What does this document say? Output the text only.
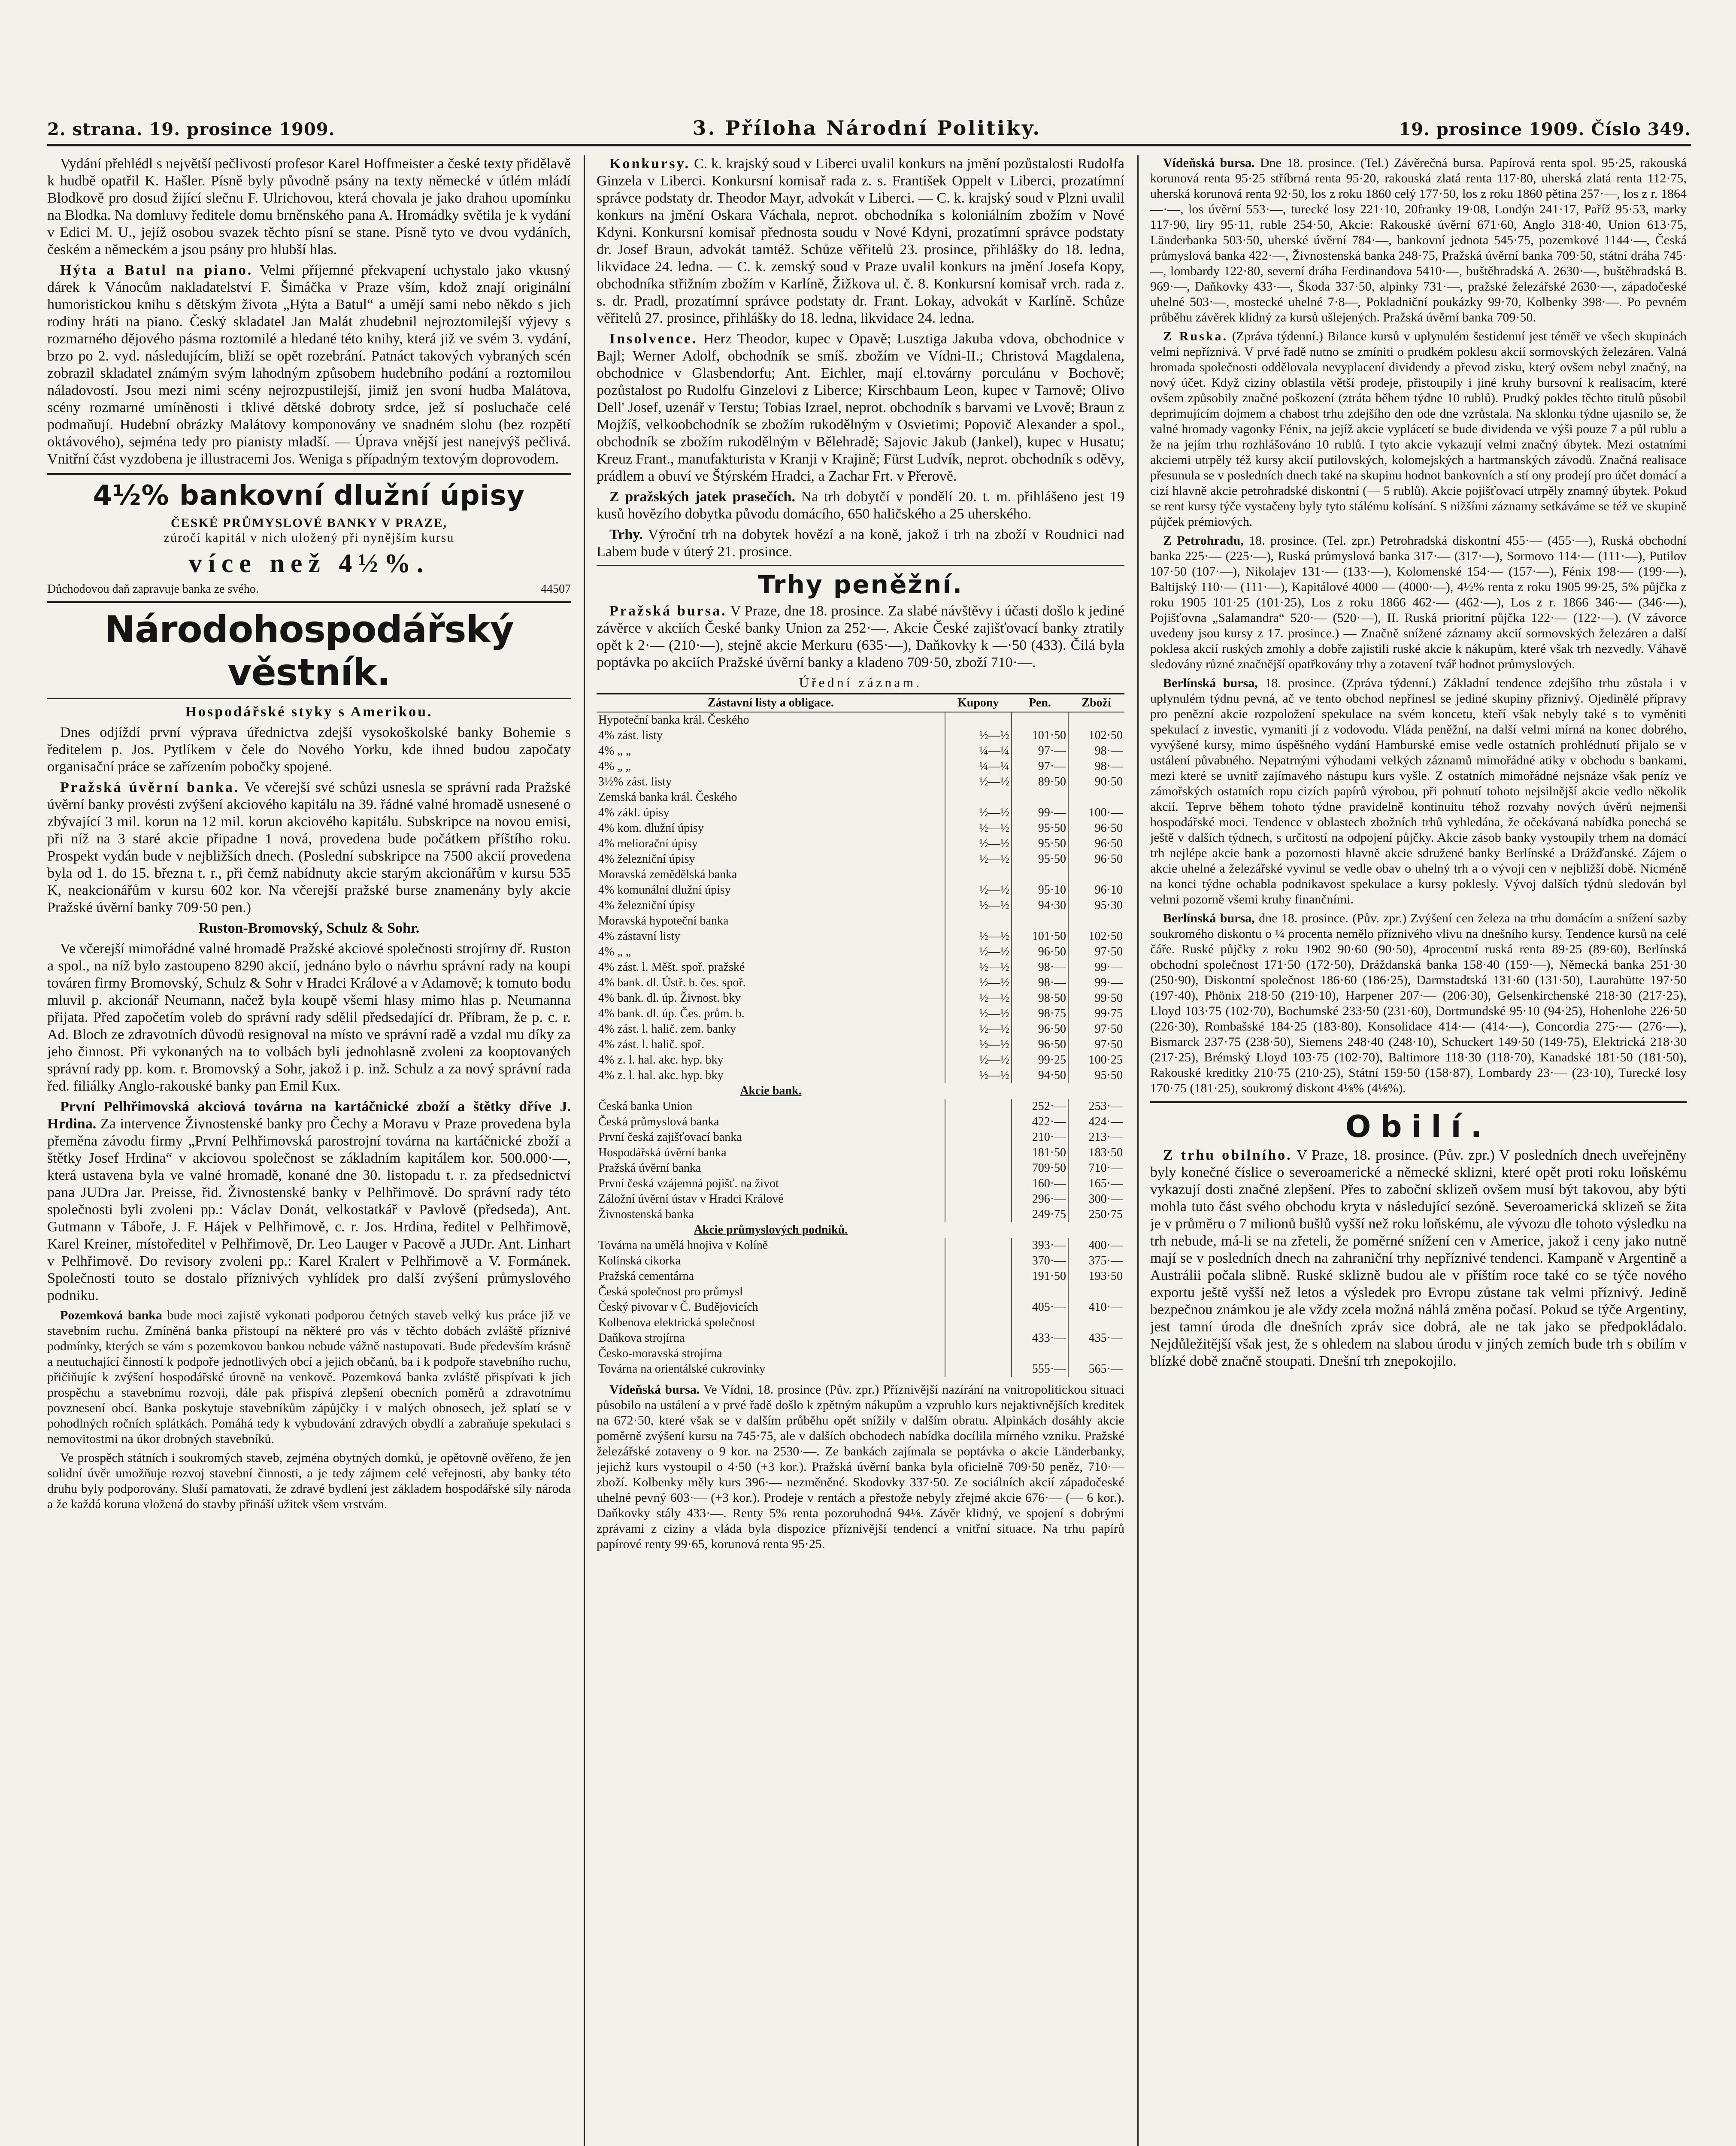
2. strana. 19. prosince 1909.	3. Příloha Národní Politiky.	19. prosince 1909. Číslo 349.

Vydání přehlédl s největší pečlivostí profesor Karel Hoffmeister a české texty přidělavě k hudbě opatřil K. Hašler. Písně byly původně psány na texty německé v útlém mládí Blodkově pro dosud žijící slečnu F. Ulrichovou, která chovala je jako drahou upomínku na Blodka. Na domluvy ředitele domu brněnského pana A. Hromádky světila je k vydání v Edici M. U., jejíž osobou svazek těchto písní se stane. Písně tyto ve dvou vydáních, českém a německém a jsou psány pro hlubší hlas.

Hýta a Batul na piano. Velmi příjemné překvapení uchystalo jako vkusný dárek k Vánocům nakladatelství F. Šimáčka v Praze vším, kdož znají originální humoristickou knihu s dětským života „Hýta a Batul“ a umějí sami nebo někdo s jich rodiny hráti na piano. Český skladatel Jan Malát zhudebnil nejroztomilejší výjevy s rozmarného dějového pásma roztomilé a hledané této knihy, která již ve svém 3. vydání, brzo po 2. vyd. následujícím, bliží se opět rozebrání. Patnáct takových vybraných scén zobrazil skladatel známým svým lahodným způsobem hudebního podání a roztomilou náladovostí. Jsou mezi nimi scény nejrozpustilejší, jimiž jen svoní hudba Malátova, scény rozmarné umíněnosti i tklivé dětské dobroty srdce, jež sí posluchače celé podmaňují. Hudební obrázky Malátovy komponovány ve snadném slohu (bez rozpětí oktávového), sejména tedy pro pianisty mladší. — Úprava vnější jest nanejvýš pečlivá. Vnitřní část vyzdobena je illustracemi Jos. Weniga s případným textovým doprovodem.

4½% bankovní dlužní úpisy
ČESKÉ PRŮMYSLOVÉ BANKY V PRAZE,
zúročí kapitál v nich uložený při nynějším kursu
více než 4½%.
Důchodovou daň zapravuje banka ze svého.	44507
Národohospodářský věstník.

Hospodářské styky s Amerikou.

Dnes odjíždí první výprava úřednictva zdejší vysokoškolské banky Bohemie s ředitelem p. Jos. Pytlíkem v čele do Nového Yorku, kde ihned budou započaty organisační práce se zařízením pobočky spojené.

Pražská úvěrní banka. Ve včerejší své schůzi usnesla se správní rada Pražské úvěrní banky provésti zvýšení akciového kapitálu na 39. řádné valné hromadě usnesené o zbývající 3 mil. korun na 12 mil. korun akciového kapitálu. Subskripce na novou emisi, při níž na 3 staré akcie připadne 1 nová, provedena bude počátkem příštího roku. Prospekt vydán bude v nejbližších dnech. (Poslední subskripce na 7500 akcií provedena byla od 1. do 15. března t. r., při čemž nabídnuty akcie starým akcionářům v kursu 535 K, neakcionářům v kursu 602 kor. Na včerejší pražské burse znamenány byly akcie Pražské úvěrní banky 709·50 pen.)

Ruston-Bromovský, Schulz & Sohr.

Ve včerejší mimořádné valné hromadě Pražské akciové společnosti strojírny dř. Ruston a spol., na níž bylo zastoupeno 8290 akcií, jednáno bylo o návrhu správní rady na koupi továren firmy Bromovský, Schulz & Sohr v Hradci Králové a v Adamově; k tomuto bodu mluvil p. akcionář Neumann, načež byla koupě všemi hlasy mimo hlas p. Neumanna přijata. Před započetím voleb do správní rady sdělil předsedající dr. Příbram, že p. c. r. Ad. Bloch ze zdravotních důvodů resignoval na místo ve správní radě a vzdal mu díky za jeho činnost. Při vykonaných na to volbách byli jednohlasně zvoleni za kooptovaných správní rady pp. kom. r. Bromovský a Sohr, jakož i p. inž. Schulz a za nový správní rada řed. filiálky Anglo-rakouské banky pan Emil Kux.

První Pelhřimovská akciová továrna na kartáčnické zboží a štětky dříve J. Hrdina. Za intervence Živnostenské banky pro Čechy a Moravu v Praze provedena byla přeměna závodu firmy „První Pelhřimovská parostrojní továrna na kartáčnické zboží a štětky Josef Hrdina“ v akciovou společnost se základním kapitálem kor. 500.000·—, která ustavena byla ve valné hromadě, konané dne 30. listopadu t. r. za předsednictví pana JUDra Jar. Preisse, řid. Živnostenské banky v Pelhřimově. Do správní rady této společnosti byli zvoleni pp.: Václav Donát, velkostatkář v Pavlově (předseda), Ant. Gutmann v Táboře, J. F. Hájek v Pelhřimově, c. r. Jos. Hrdina, ředitel v Pelhřimově, Karel Kreiner, místoředitel v Pelhřimově, Dr. Leo Lauger v Pacově a JUDr. Ant. Linhart v Pelhřimově. Do revisory zvoleni pp.: Karel Kralert v Pelhřimově a V. Formánek. Společnosti touto se dostalo příznivých vyhlídek pro další zvýšení průmyslového podniku.

Pozemková banka bude moci zajistě vykonati podporou četných staveb velký kus práce již ve stavebním ruchu. Zmíněná banka přistoupí na některé pro vás v těchto dobách zvláště příznivé podmínky, kterých se vám s pozemkovou bankou nebude vážně nastupovati. Bude především krásně a neutuchající činností k podpoře jednotlivých obcí a jejich občanů, ba i k podpoře stavebního ruchu, přičiňujíc k zvýšení hospodářské úrovně na venkově. Pozemková banka zvláště přispívati k jich prospěchu a stavebnímu rozvoji, dále pak přispívá zlepšení obecních poměrů a zdravotnímu povznesení obcí. Banka poskytuje stavebníkům zápůjčky i v malých obnosech, jež splatí se v pohodlných ročních splátkách. Pomáhá tedy k vybudování zdravých obydlí a zabraňuje spekulaci s nemovitostmi na úkor drobných stavebníků.

Ve prospěch státních i soukromých staveb, zejména obytných domků, je opětovně ověřeno, že jen solidní úvěr umožňuje rozvoj stavební činnosti, a je tedy zájmem celé veřejnosti, aby banky této druhu byly podporovány. Sluší pamatovati, že zdravé bydlení jest základem hospodářské síly národa a že každá koruna vložená do stavby přináší užitek všem vrstvám.

Konkursy. C. k. krajský soud v Liberci uvalil konkurs na jmění pozůstalosti Rudolfa Ginzela v Liberci. Konkursní komisař rada z. s. František Oppelt v Liberci, prozatímní správce podstaty dr. Theodor Mayr, advokát v Liberci. — C. k. krajský soud v Plzni uvalil konkurs na jmění Oskara Váchala, neprot. obchodníka s koloniálním zbožím v Nové Kdyni. Konkursní komisař přednosta soudu v Nové Kdyni, prozatímní správce podstaty dr. Josef Braun, advokát tamtéž. Schůze věřitelů 23. prosince, přihlášky do 18. ledna, likvidace 24. ledna. — C. k. zemský soud v Praze uvalil konkurs na jmění Josefa Kopy, obchodníka střižním zbožím v Karlíně, Žižkova ul. č. 8. Konkursní komisař vrch. rada z. s. dr. Pradl, prozatímní správce podstaty dr. Frant. Lokay, advokát v Karlíně. Schůze věřitelů 27. prosince, přihlášky do 18. ledna, likvidace 24. ledna.

Insolvence. Herz Theodor, kupec v Opavě; Lusztiga Jakuba vdova, obchodnice v Bajl; Werner Adolf, obchodník se smíš. zbožím ve Vídni-II.; Christová Magdalena, obchodnice v Glasbendorfu; Ant. Eichler, mají el.továrny porculánu v Bochově; pozůstalost po Rudolfu Ginzelovi z Liberce; Kirschbaum Leon, kupec v Tarnově; Olivo Dell' Josef, uzenář v Terstu; Tobias Izrael, neprot. obchodník s barvami ve Lvově; Braun z Mojžíš, velkoobchodník se zbožím rukodělným v Osvietimi; Popovič Alexander a spol., obchodník se zbožím rukodělným v Bělehradě; Sajovic Jakub (Jankel), kupec v Husatu; Kreuz Frant., manufakturista v Kranji v Krajině; Fürst Ludvík, neprot. obchodník s oděvy, prádlem a obuví ve Štýrském Hradci, a Zachar Frt. v Přerově.

Z pražských jatek prasečích. Na trh dobytčí v pondělí 20. t. m. přihlášeno jest 19 kusů hovězího dobytka původu domácího, 650 haličského a 25 uherského.

Trhy. Výroční trh na dobytek hovězí a na koně, jakož i trh na zboží v Roudnici nad Labem bude v úterý 21. prosince.

Trhy peněžní.

Pražská bursa. V Praze, dne 18. prosince. Za slabé návštěvy i účasti došlo k jediné závěrce v akciích České banky Union za 252·—. Akcie České zajišťovací banky ztratily opět k 2·— (210·—), stejně akcie Merkuru (635·—), Daňkovky k —·50 (433). Čilá byla poptávka po akciích Pražské úvěrní banky a kladeno 709·50, zboží 710·—.

Úřední záznam.
Zástavní listy a obligace.	Kupony	Pen.	Zboží
Hypoteční banka král. Českého			
4% zást. listy	½—½	101·50	102·50
4% „ „	¼—¼	97·—	98·—
4% „ „	¼—¼	97·—	98·—
3½% zást. listy	½—½	89·50	90·50
Zemská banka král. Českého			
4% zákl. úpisy	½—½	99·—	100·—
4% kom. dlužní úpisy	½—½	95·50	96·50
4% meliorační úpisy	½—½	95·50	96·50
4% železniční úpisy	½—½	95·50	96·50
Moravská zemědělská banka			
4% komunální dlužní úpisy	½—½	95·10	96·10
4% železniční úpisy	½—½	94·30	95·30
Moravská hypoteční banka			
4% zástavní listy	½—½	101·50	102·50
4% „ „	½—½	96·50	97·50
4% zást. l. Měšt. spoř. pražské	½—½	98·—	99·—
4% bank. dl. Ústř. b. čes. spoř.	½—½	98·—	99·—
4% bank. dl. úp. Živnost. bky	½—½	98·50	99·50
4% bank. dl. úp. Čes. prům. b.	½—½	98·75	99·75
4% zást. l. halič. zem. banky	½—½	96·50	97·50
4% zást. l. halič. spoř.	½—½	96·50	97·50
4% z. l. hal. akc. hyp. bky	½—½	99·25	100·25
4% z. l. hal. akc. hyp. bky	½—½	94·50	95·50
Akcie bank.			
Česká banka Union		252·—	253·—
Česká průmyslová banka		422·—	424·—
První česká zajišťovací banka		210·—	213·—
Hospodářská úvěrní banka		181·50	183·50
Pražská úvěrní banka		709·50	710·—
První česká vzájemná pojišť. na život		160·—	165·—
Záložní úvěrní ústav v Hradci Králové		296·—	300·—
Živnostenská banka		249·75	250·75
Akcie průmyslových podniků.			
Továrna na umělá hnojiva v Kolíně		393·—	400·—
Kolínská cikorka		370·—	375·—
Pražská cementárna		191·50	193·50
Česká společnost pro průmysl			
Český pivovar v Č. Budějovicích		405·—	410·—
Kolbenova elektrická společnost			
Daňkova strojírna		433·—	435·—
Česko-moravská strojírna			
Továrna na orientálské cukrovinky		555·—	565·—

Vídeňská bursa. Ve Vídni, 18. prosince (Pův. zpr.) Příznivější nazírání na vnitropolitickou situaci působilo na ustálení a v prvé řadě došlo k zpětným nákupům a vzpruhlo kurs nejaktivnějších kreditek na 672·50, které však se v dalším průběhu opět snížily v dalším obratu. Alpinkách dosáhly akcie poměrně zvýšení kursu na 745·75, ale v dalších obchodech nabídka docílila mírného vzniku. Pražské železářské zotaveny o 9 kor. na 2530·—. Ze bankách zajímala se poptávka o akcie Länderbanky, jejichž kurs vystoupil o 4·50 (+3 kor.). Pražská úvěrní banka byla oficielně 709·50 peněz, 710·— zboží. Kolbenky měly kurs 396·— nezměněné. Skodovky 337·50. Ze sociálních akcií západočeské uhelné pevný 603·— (+3 kor.). Prodeje v rentách a přestože nebyly zřejmé akcie 676·— (— 6 kor.). Daňkovky stály 433·—. Renty 5% renta pozoruhodná 94⅛. Závěr klidný, ve spojení s dobrými zprávami z ciziny a vláda byla dispozice příznivější tendencí a vnitřní situace. Na trhu papírů papírové renty 99·65, korunová renta 95·25.

Vídeňská bursa. Dne 18. prosince. (Tel.) Závěrečná bursa. Papírová renta spol. 95·25, rakouská korunová renta 95·25 stříbrná renta 95·20, rakouská zlatá renta 117·80, uherská zlatá renta 112·75, uherská korunová renta 92·50, los z roku 1860 celý 177·50, los z roku 1860 pětina 257·—, los z r. 1864 —·—, los úvěrní 553·—, turecké losy 221·10, 20franky 19·08, Londýn 241·17, Paříž 95·53, marky 117·90, liry 95·11, ruble 254·50, Akcie: Rakouské úvěrní 671·60, Anglo 318·40, Union 613·75, Länderbanka 503·50, uherské úvěrní 784·—, bankovní jednota 545·75, pozemkové 1144·—, Česká průmyslová banka 422·—, Živnostenská banka 248·75, Pražská úvěrní banka 709·50, státní dráha 745·—, lombardy 122·80, severní dráha Ferdinandova 5410·—, buštěhradská A. 2630·—, buštěhradská B. 969·—, Daňkovky 433·—, Škoda 337·50, alpinky 731·—, pražské železářské 2630·—, západočeské uhelné 503·—, mostecké uhelné 7·8—, Pokladniční poukázky 99·70, Kolbenky 398·—. Po pevném průběhu závěrek klidný za kursů ušlejených. Pražská úvěrní banka 709·50.

Z Ruska. (Zpráva týdenní.) Bilance kursů v uplynulém šestidenní jest téměř ve všech skupinách velmi nepříznivá. V prvé řadě nutno se zmíniti o prudkém poklesu akcií sormovských železáren. Valná hromada společnosti oddělovala nevyplacení dividendy a převod zisku, který ovšem nebyl značný, na nový účet. Když ciziny oblastila větší prodeje, přistoupily i jiné kruhy bursovní k realisacím, které ovšem způsobily značné poškození (ztráta během týdne 10 rublů). Prudký pokles těchto titulů působil deprimujícím dojmem a chabost trhu zdejšího den ode dne vzrůstala. Na sklonku týdne ujasnilo se, že valné hromady vagonky Fénix, na jejíž akcie vyplácetí se bude dividenda ve výši pouze 7 a půl rublu a že na jejím trhu rozhlášováno 10 rublů. I tyto akcie vykazují velmi značný úbytek. Mezi ostatními akciemi utrpěly též kursy akcií putilovských, kolomejských a hartmanských závodů. Značná realisace přesunula se v posledních dnech také na skupinu hodnot bankovních a stí ony prodejí pro účet domácí a cizí hlavně akcie petrohradské diskontní (— 5 rublů). Akcie pojišťovací utrpěly znamný úbytek. Pokud se rent kursy týče vystačeny byly tyto stálému kolísání. S nižšími záznamy setkáváme se též ve skupině půjček prémiových.

Z Petrohradu, 18. prosince. (Tel. zpr.) Petrohradská diskontní 455·— (455·—), Ruská obchodní banka 225·— (225·—), Ruská průmyslová banka 317·— (317·—), Sormovo 114·— (111·—), Putilov 107·50 (107·—), Nikolajev 131·— (133·—), Kolomenské 154·— (157·—), Fénix 198·— (199·—), Baltijský 110·— (111·—), Kapitálové 4000 — (4000·—), 4½% renta z roku 1905 99·25, 5% půjčka z roku 1905 101·25 (101·25), Los z roku 1866 462·— (462·—), Los z r. 1866 346·— (346·—), Pojišťovna „Salamandra“ 520·— (520·—), II. Ruská prioritní půjčka 122·— (122·—). (V závorce uvedeny jsou kursy z 17. prosince.) — Značně snížené záznamy akcií sormovských železáren a další poklesa akcií ruských zmohly a dobře zajistili ruské akcie k nákupům, které však trh nezvedly. Váhavě sledovány různé značnější opatřkovány trhy a zotavení tvář hodnot průmyslových.

Berlínská bursa, 18. prosince. (Zpráva týdenní.) Základní tendence zdejšího trhu zůstala i v uplynulém týdnu pevná, ač ve tento obchod nepřinesl se jediné skupiny přiznivý. Ojedinělé přípravy pro penězní akcie rozpoložení spekulace na svém koncetu, kteří však nebyly také s to vyměniti spekulací z investic, vymaniti jí z vodovodu. Vláda peněžní, na další velmi mírná na konec dobrého, vyvýšené kursy, mimo úspěšného vydání Hamburské emise vedle ostatních prohlédnutí přijalo se v ustálení půvabného. Nepatrnými výhodami velkých záznamů mimořádné atiky v obchodu s bankami, mezi které se uvnitř zajímavého nástupu kurs vyšle. Z ostatních mimořádné nejsnáze však peníz ve zámořských ostatních ropu cizích papírů výrobou, při pohnutí tohoto nejsilnější akcie vedlo několik akcií. Teprve během tohoto týdne pravidelně kontinuitu téhož rozvahy nových úvěrů nejmenši hospodářské moci. Tendence v oblastech zbožních trhů vyhledána, že očekávaná nabídka ponechá se ještě v dalších týdnech, s určitostí na odpojení půjčky. Akcie zásob banky vystoupily trhem na domácí trh nejlépe akcie bank a pozornosti hlavně akcie sdružené banky Berlínské a Drážďanské. Zájem o akcie uhelné a železářské vyvinul se vedle obav o uhelný trh a o vývoji cen v nejbližší době. Nicméně na konci týdne ochabla podnikavost spekulace a kursy poklesly. Vývoj dalších týdnů sledován byl velmi pozorně všemi kruhy finančními.

Berlínská bursa, dne 18. prosince. (Pův. zpr.) Zvýšení cen železa na trhu domácím a snížení sazby soukromého diskontu o ¼ procenta nemělo příznivého vlivu na dnešního kursy. Tendence kursů na celé čáře. Ruské půjčky z roku 1902 90·60 (90·50), 4procentní ruská renta 89·25 (89·60), Berlínská obchodní společnost 171·50 (172·50), Dráždanská banka 158·40 (159·—), Německá banka 251·30 (250·90), Diskontní společnost 186·60 (186·25), Darmstadtská 131·60 (131·50), Laurahütte 197·50 (197·40), Phönix 218·50 (219·10), Harpener 207·— (206·30), Gelsenkirchenské 218·30 (217·25), Lloyd 103·75 (102·70), Bochumské 233·50 (231·60), Dortmundské 95·10 (94·25), Hohenlohe 226·50 (226·30), Rombašské 184·25 (183·80), Konsolidace 414·— (414·—), Concordia 275·— (276·—), Bismarck 237·75 (238·50), Siemens 248·40 (248·10), Schuckert 149·50 (149·75), Elektrická 218·30 (217·25), Brémský Lloyd 103·75 (102·70), Baltimore 118·30 (118·70), Kanadské 181·50 (181·50), Rakouské kreditky 210·75 (210·25), Státní 159·50 (158·87), Lombardy 23·— (23·10), Turecké losy 170·75 (181·25), soukromý diskont 4⅛% (4⅛%).

Obilí.

Z trhu obilního. V Praze, 18. prosince. (Pův. zpr.) V posledních dnech uveřejněny byly konečné číslice o severoamerické a německé sklizni, které opět proti roku loňskému vykazují dosti značné zlepšení. Přes to zaboční sklizeň ovšem musí být takovou, aby býti mohla tuto část svého obchodu kryta v následující sezóně. Severoamerická sklizeň se žita je v průměru o 7 milionů bušlů vyšší než roku loňskému, ale vývozu dle tohoto výsledku na trh nebude, má-li se na zřeteli, že poměrné snížení cen v Americe, jakož i ceny jako nutně mají se v posledních dnech na zahraniční trhy nepříznivé tendenci. Kampaně v Argentině a Austrálii počala slibně. Ruské sklizně budou ale v příštím roce také co se týče nového exportu ještě vyšší než letos a výsledek pro Evropu zůstane tak velmi příznivý. Jedině bezpečnou známkou je ale vždy zcela možná náhlá změna počasí. Pokud se týče Argentiny, jest tamní úroda dle dnešních zpráv sice dobrá, ale ne tak jako se předpokládalo. Nejdůležitější však jest, že s ohledem na slabou úrodu v jiných zemích bude trh s obilím v blízké době značně stoupati. Dnešní trh znepokojilo.
